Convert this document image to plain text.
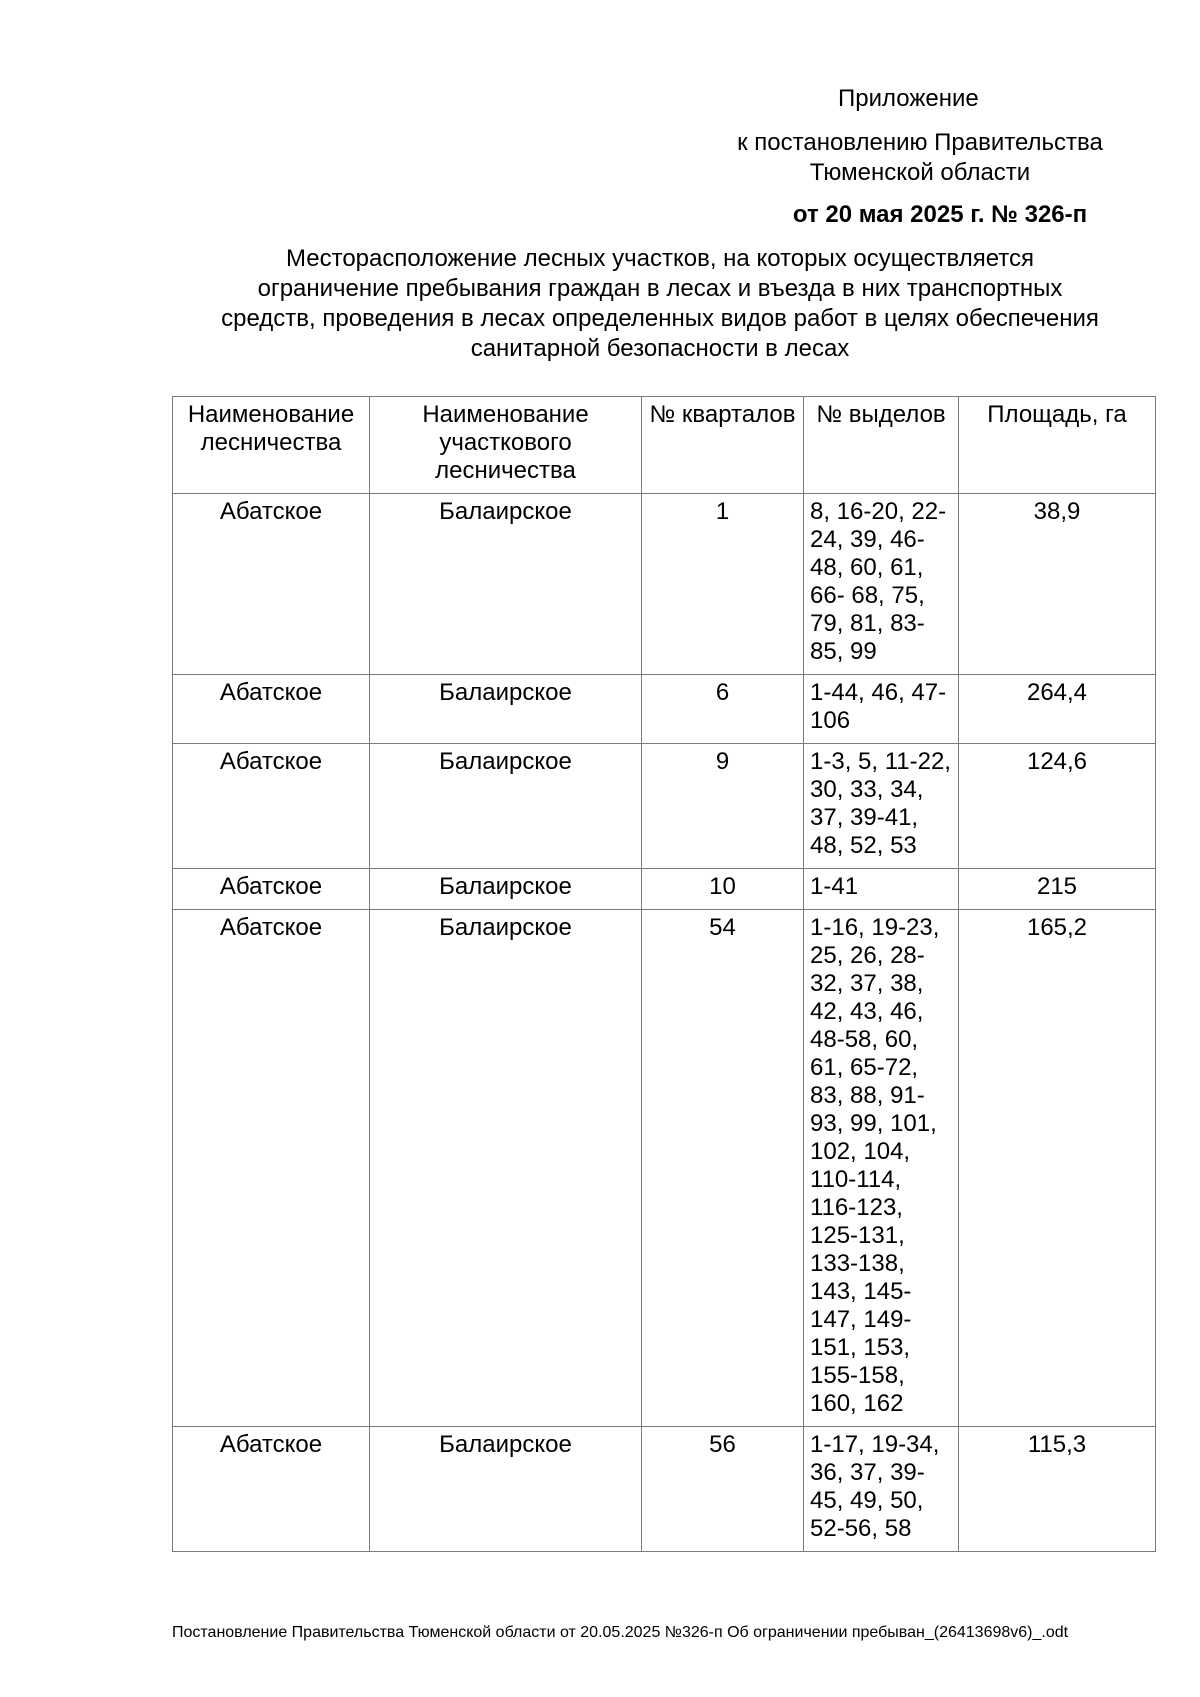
Приложение
к постановлению Правительства
Тюменской области
от 20 мая 2025 г. № 326-п
Месторасположение лесных участков, на которых осуществляется
ограничение пребывания граждан в лесах и въезда в них транспортных
средств, проведения в лесах определенных видов работ в целях обеспечения
санитарной безопасности в лесах
Наименование лесничества	Наименование участкового лесничества	№ кварталов	№ выделов	Площадь, га
Абатское	Балаирское	1	8, 16-20, 22-24, 39, 46-48, 60, 61, 66- 68, 75, 79, 81, 83-85, 99	38,9
Абатское	Балаирское	6	1-44, 46, 47-106	264,4
Абатское	Балаирское	9	1-3, 5, 11-22, 30, 33, 34, 37, 39-41, 48, 52, 53	124,6
Абатское	Балаирское	10	1-41	215
Абатское	Балаирское	54	1-16, 19-23, 25, 26, 28-32, 37, 38, 42, 43, 46, 48-58, 60, 61, 65-72, 83, 88, 91-93, 99, 101, 102, 104, 110-114, 116-123, 125-131, 133-138, 143, 145-147, 149-151, 153, 155-158, 160, 162	165,2
Абатское	Балаирское	56	1-17, 19-34, 36, 37, 39-45, 49, 50, 52-56, 58	115,3
Постановление Правительства Тюменской области от 20.05.2025 №326-п Об ограничении пребыван_(26413698v6)_.odt
